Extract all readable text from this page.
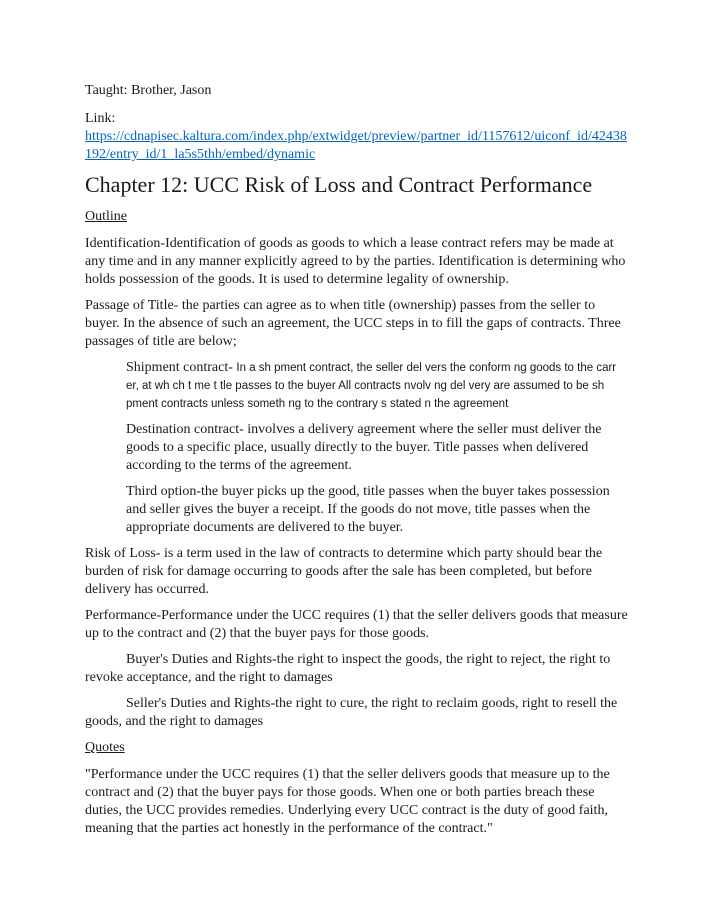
Taught: Brother, Jason

Link:

https://cdnapisec.kaltura.com/index.php/extwidget/preview/partner_id/1157612/uiconf_id/42438192/entry_id/1_la5s5thh/embed/dynamic
Chapter 12: UCC Risk of Loss and Contract Performance

Outline

Identification-Identification of goods as goods to which a lease contract refers may be made at any time and in any manner explicitly agreed to by the parties. Identification is determining who holds possession of the goods. It is used to determine legality of ownership.

Passage of Title- the parties can agree as to when title (ownership) passes from the seller to buyer. In the absence of such an agreement, the UCC steps in to fill the gaps of contracts. Three passages of title are below;

Shipment contract- In a sh pment contract, the seller del vers the conform ng goods to the carr er, at wh ch t me t tle passes to the buyer All contracts nvolv ng del very are assumed to be sh pment contracts unless someth ng to the contrary s stated n the agreement

Destination contract- involves a delivery agreement where the seller must deliver the goods to a specific place, usually directly to the buyer. Title passes when delivered according to the terms of the agreement.

Third option-the buyer picks up the good, title passes when the buyer takes possession and seller gives the buyer a receipt. If the goods do not move, title passes when the appropriate documents are delivered to the buyer.

Risk of Loss- is a term used in the law of contracts to determine which party should bear the burden of risk for damage occurring to goods after the sale has been completed, but before delivery has occurred.

Performance-Performance under the UCC requires (1) that the seller delivers goods that measure up to the contract and (2) that the buyer pays for those goods.

Buyer's Duties and Rights-the right to inspect the goods, the right to reject, the right to revoke acceptance, and the right to damages

Seller's Duties and Rights-the right to cure, the right to reclaim goods, right to resell the goods, and the right to damages

Quotes

"Performance under the UCC requires (1) that the seller delivers goods that measure up to the contract and (2) that the buyer pays for those goods. When one or both parties breach these duties, the UCC provides remedies. Underlying every UCC contract is the duty of good faith, meaning that the parties act honestly in the performance of the contract."
